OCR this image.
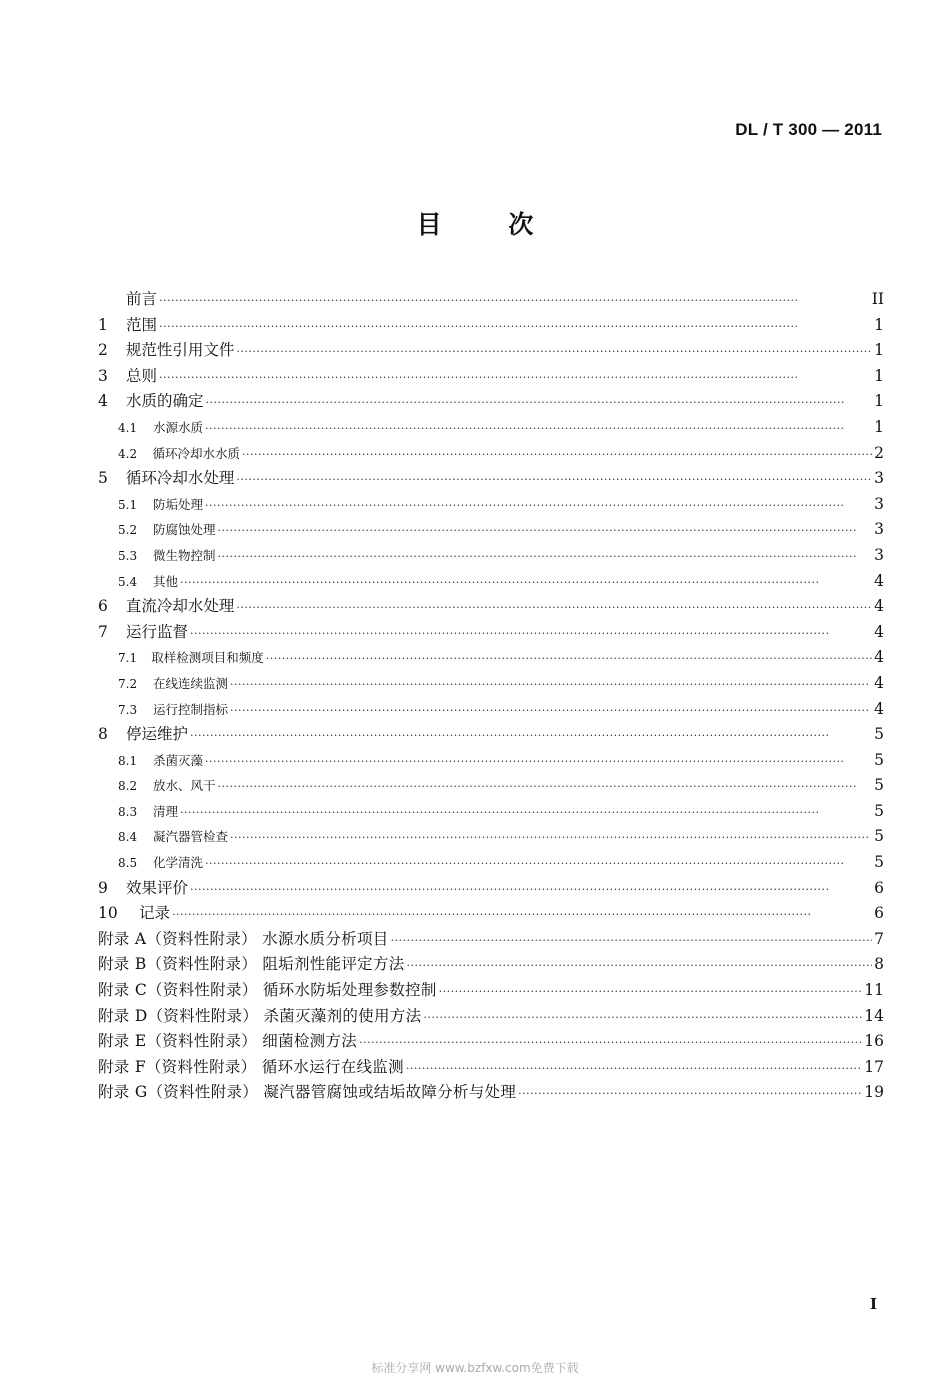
DL / T 300 — 2011
目 次
前言 ·····	II
1	范围 ·····	1
2	规范性引用文件 ·····	1
3	总则 ·····	1
4	水质的确定 ·····	1
4.1	水源水质 ·····	1
4.2	循环冷却水水质 ·····	2
5	循环冷却水处理 ·····	3
5.1	防垢处理 ·····	3
5.2	防腐蚀处理 ·····	3
5.3	微生物控制 ·····	3
5.4	其他 ·····	4
6	直流冷却水处理 ·····	4
7	运行监督 ·····	4
7.1	取样检测项目和频度 ·····	4
7.2	在线连续监测 ·····	4
7.3	运行控制指标 ·····	4
8	停运维护 ·····	5
8.1	杀菌灭藻 ·····	5
8.2	放水、风干 ·····	5
8.3	清理 ·····	5
8.4	凝汽器管检查 ·····	5
8.5	化学清洗 ·····	5
9	效果评价 ·····	6
10	记录 ·····	6
附录 A（资料性附录） 水源水质分析项目 ·····	7
附录 B（资料性附录） 阻垢剂性能评定方法 ·····	8
附录 C（资料性附录） 循环水防垢处理参数控制 ·····	11
附录 D（资料性附录） 杀菌灭藻剂的使用方法 ·····	14
附录 E（资料性附录） 细菌检测方法 ·····	16
附录 F（资料性附录） 循环水运行在线监测 ·····	17
附录 G（资料性附录） 凝汽器管腐蚀或结垢故障分析与处理 ·····	19
I
标准分享网 www.bzfxw.com免费下载
